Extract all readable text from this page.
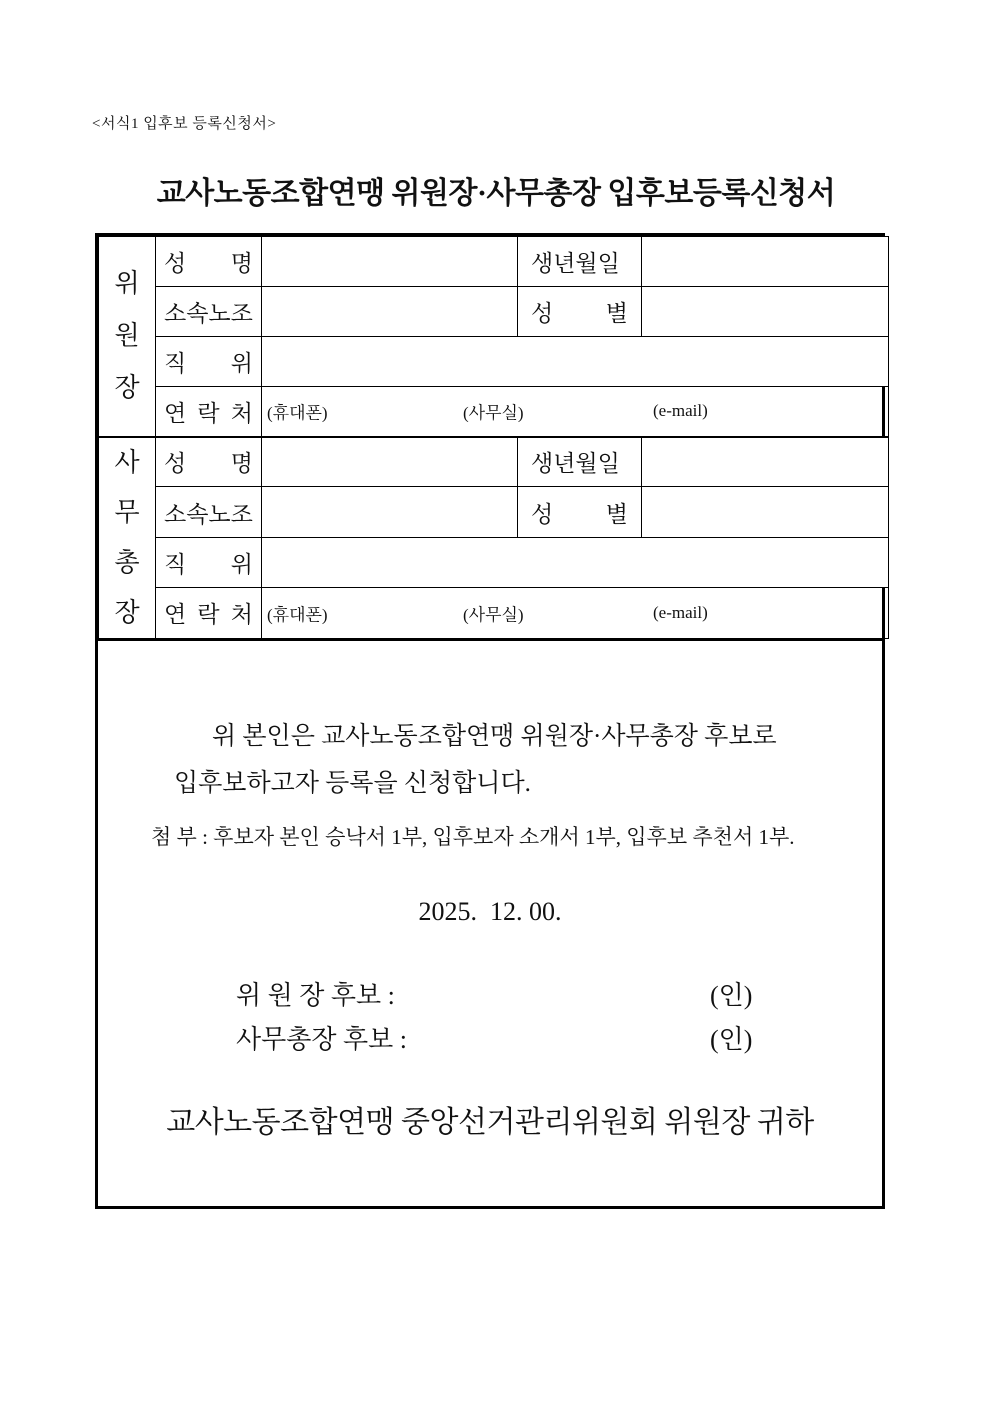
<서식1 입후보 등록신청서>
교사노동조합연맹 위원장·사무총장 입후보등록신청서
위원장	성 명		생년월일	
	소속노조		성 별	
	직 위			
	연 락 처	(휴대폰) (사무실) (e-mail)		

사무총장	성 명		생년월일	
	소속노조		성 별	
	직 위			
	연 락 처	(휴대폰) (사무실) (e-mail)		
위 본인은 교사노동조합연맹 위원장·사무총장 후보로
입후보하고자 등록을 신청합니다.
첨 부 : 후보자 본인 승낙서 1부, 입후보자 소개서 1부, 입후보 추천서 1부.
2025.  12. 00.
위 원 장 후보 :	(인)
사무총장 후보 :	(인)
교사노동조합연맹 중앙선거관리위원회 위원장 귀하
